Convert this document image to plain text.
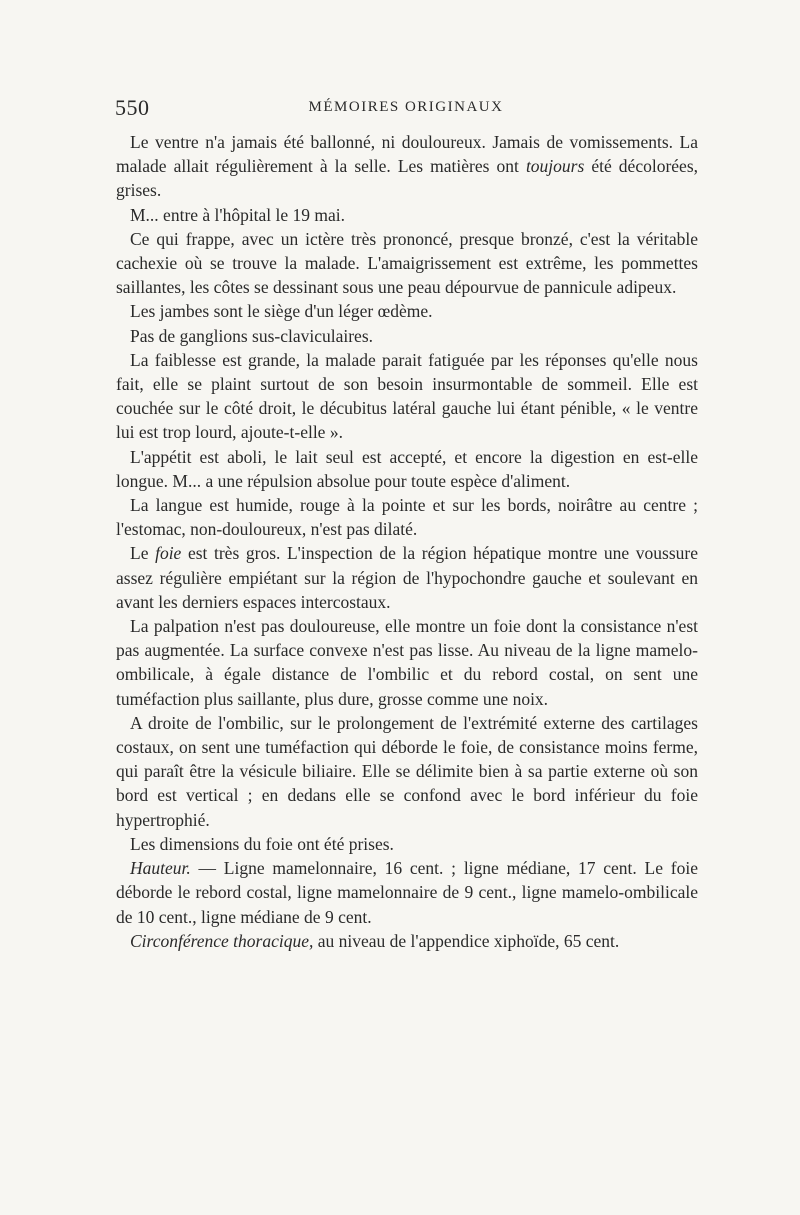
550	MÉMOIRES ORIGINAUX

Le ventre n'a jamais été ballonné, ni douloureux. Jamais de vomissements. La malade allait régulièrement à la selle. Les matières ont toujours été décolorées, grises.

M... entre à l'hôpital le 19 mai.

Ce qui frappe, avec un ictère très prononcé, presque bronzé, c'est la véritable cachexie où se trouve la malade. L'amaigrissement est extrême, les pommettes saillantes, les côtes se dessinant sous une peau dépourvue de pannicule adipeux.

Les jambes sont le siège d'un léger œdème.

Pas de ganglions sus-claviculaires.

La faiblesse est grande, la malade parait fatiguée par les réponses qu'elle nous fait, elle se plaint surtout de son besoin insurmontable de sommeil. Elle est couchée sur le côté droit, le décubitus latéral gauche lui étant pénible, « le ventre lui est trop lourd, ajoute-t-elle ».

L'appétit est aboli, le lait seul est accepté, et encore la digestion en est-elle longue. M... a une répulsion absolue pour toute espèce d'aliment.

La langue est humide, rouge à la pointe et sur les bords, noirâtre au centre ; l'estomac, non-douloureux, n'est pas dilaté.

Le foie est très gros. L'inspection de la région hépatique montre une voussure assez régulière empiétant sur la région de l'hypochondre gauche et soulevant en avant les derniers espaces intercostaux.

La palpation n'est pas douloureuse, elle montre un foie dont la consistance n'est pas augmentée. La surface convexe n'est pas lisse. Au niveau de la ligne mamelo-ombilicale, à égale distance de l'ombilic et du rebord costal, on sent une tuméfaction plus saillante, plus dure, grosse comme une noix.

A droite de l'ombilic, sur le prolongement de l'extrémité externe des cartilages costaux, on sent une tuméfaction qui déborde le foie, de consistance moins ferme, qui paraît être la vésicule biliaire. Elle se délimite bien à sa partie externe où son bord est vertical ; en dedans elle se confond avec le bord inférieur du foie hypertrophié.

Les dimensions du foie ont été prises.

Hauteur. — Ligne mamelonnaire, 16 cent. ; ligne médiane, 17 cent. Le foie déborde le rebord costal, ligne mamelonnaire de 9 cent., ligne mamelo-ombilicale de 10 cent., ligne médiane de 9 cent.

Circonférence thoracique, au niveau de l'appendice xiphoïde, 65 cent.
